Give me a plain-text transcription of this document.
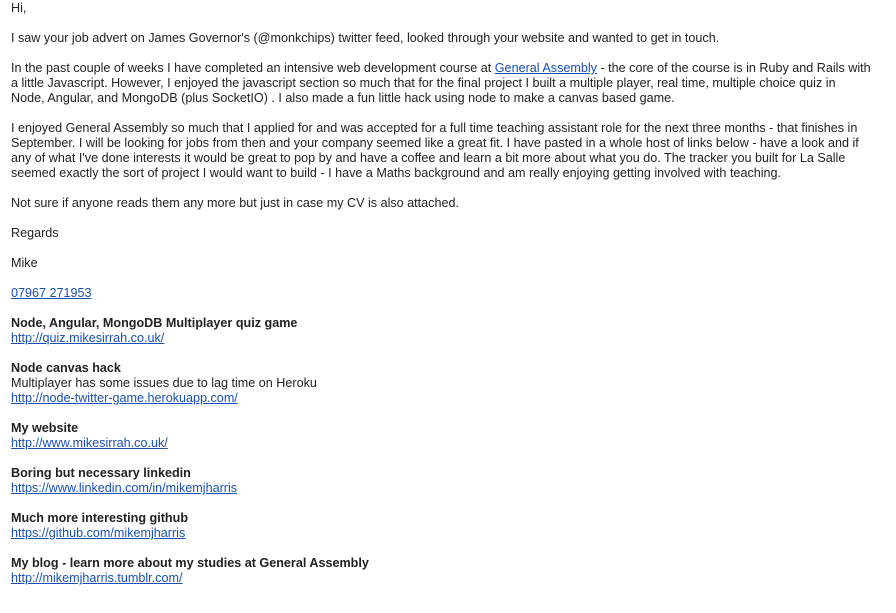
Hi,

I saw your job advert on James Governor's (@monkchips) twitter feed, looked through your website and wanted to get in touch.

In the past couple of weeks I have completed an intensive web development course at General Assembly - the core of the course is in Ruby and Rails with
a little Javascript. However, I enjoyed the javascript section so much that for the final project I built a multiple player, real time, multiple choice quiz in
Node, Angular, and MongoDB (plus SocketIO) . I also made a fun little hack using node to make a canvas based game.

I enjoyed General Assembly so much that I applied for and was accepted for a full time teaching assistant role for the next three months - that finishes in
September. I will be looking for jobs from then and your company seemed like a great fit. I have pasted in a whole host of links below - have a look and if
any of what I've done interests it would be great to pop by and have a coffee and learn a bit more about what you do. The tracker you built for La Salle
seemed exactly the sort of project I would want to build - I have a Maths background and am really enjoying getting involved with teaching.

Not sure if anyone reads them any more but just in case my CV is also attached.

Regards

Mike

07967 271953

Node, Angular, MongoDB Multiplayer quiz game
http://quiz.mikesirrah.co.uk/
Node canvas hack
Multiplayer has some issues due to lag time on Heroku
http://node-twitter-game.herokuapp.com/
My website
http://www.mikesirrah.co.uk/
Boring but necessary linkedin
https://www.linkedin.com/in/mikemjharris
Much more interesting github
https://github.com/mikemjharris
My blog - learn more about my studies at General Assembly
http://mikemjharris.tumblr.com/
